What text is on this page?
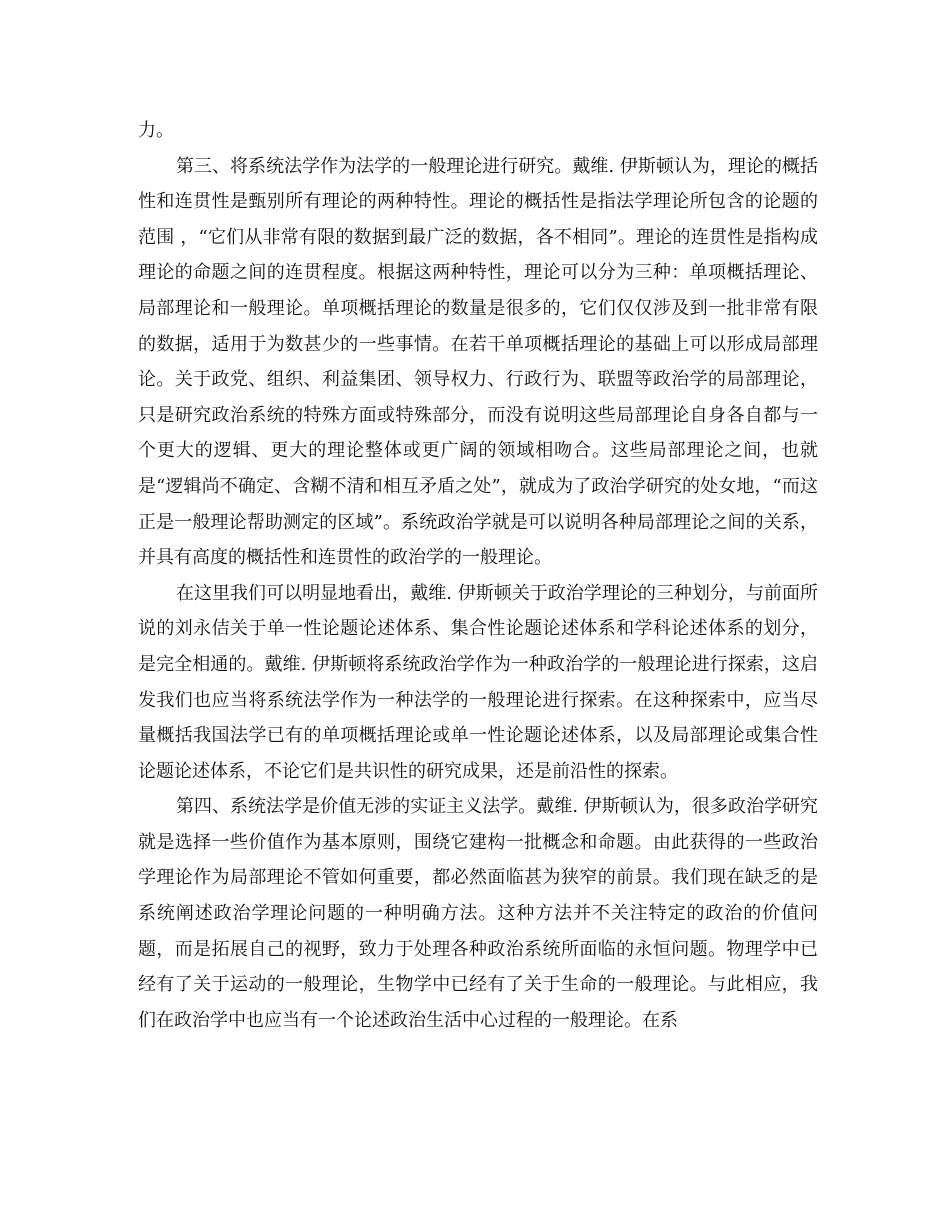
力。

第三、将系统法学作为法学的一般理论进行研究。戴维. 伊斯顿认为，理论的概括性和连贯性是甄别所有理论的两种特性。理论的概括性是指法学理论所包含的论题的范围 ，“它们从非常有限的数据到最广泛的数据，各不相同”。理论的连贯性是指构成理论的命题之间的连贯程度。根据这两种特性，理论可以分为三种：单项概括理论、局部理论和一般理论。单项概括理论的数量是很多的，它们仅仅涉及到一批非常有限的数据，适用于为数甚少的一些事情。在若干单项概括理论的基础上可以形成局部理论。关于政党、组织、利益集团、领导权力、行政行为、联盟等政治学的局部理论，只是研究政治系统的特殊方面或特殊部分，而没有说明这些局部理论自身各自都与一个更大的逻辑、更大的理论整体或更广阔的领域相吻合。这些局部理论之间，也就是“逻辑尚不确定、含糊不清和相互矛盾之处”，就成为了政治学研究的处女地，“而这正是一般理论帮助测定的区域”。系统政治学就是可以说明各种局部理论之间的关系，并具有高度的概括性和连贯性的政治学的一般理论。

在这里我们可以明显地看出，戴维. 伊斯顿关于政治学理论的三种划分，与前面所说的刘永佶关于单一性论题论述体系、集合性论题论述体系和学科论述体系的划分，是完全相通的。戴维. 伊斯顿将系统政治学作为一种政治学的一般理论进行探索，这启发我们也应当将系统法学作为一种法学的一般理论进行探索。在这种探索中，应当尽量概括我国法学已有的单项概括理论或单一性论题论述体系，以及局部理论或集合性论题论述体系，不论它们是共识性的研究成果，还是前沿性的探索。

第四、系统法学是价值无涉的实证主义法学。戴维. 伊斯顿认为，很多政治学研究就是选择一些价值作为基本原则，围绕它建构一批概念和命题。由此获得的一些政治学理论作为局部理论不管如何重要，都必然面临甚为狭窄的前景。我们现在缺乏的是系统阐述政治学理论问题的一种明确方法。这种方法并不关注特定的政治的价值问题，而是拓展自己的视野，致力于处理各种政治系统所面临的永恒问题。物理学中已经有了关于运动的一般理论，生物学中已经有了关于生命的一般理论。与此相应，我们在政治学中也应当有一个论述政治生活中心过程的一般理论。在系
